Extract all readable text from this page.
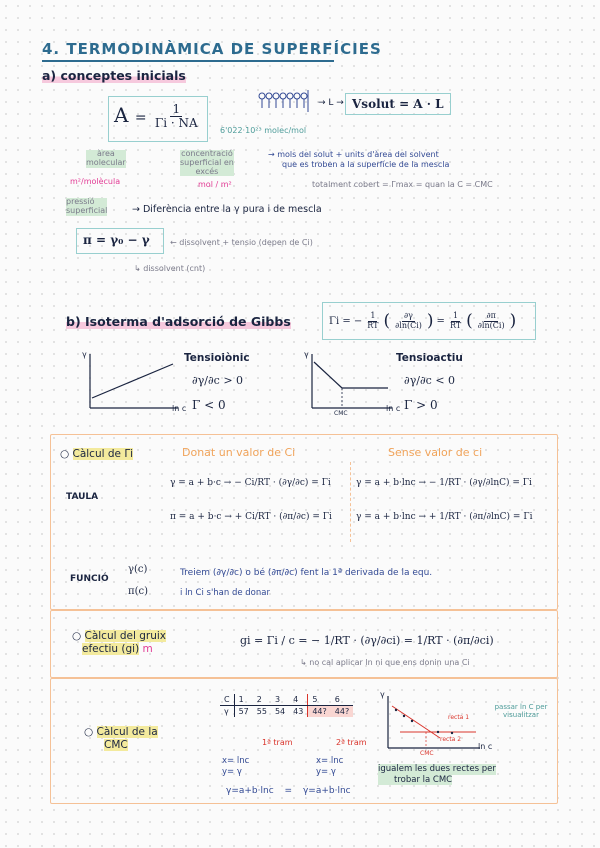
4. TERMODINÀMICA DE SUPERFÍCIES
a) conceptes inicials
$A = \frac{1}{\Gamma i \cdot NA}$
6'022·10²³ molec/mol
→ L → Vsolut = A · L
àrea
molecular
m²/molècula
concentració
superficial en
excés
mol / m²
→ mols del solut + units d'àrea del solvent
que es troben a la superfície de la mescla
totalment cobert = Γmax = quan la C = CMC
pressió
superficial	→ Diferència entre la γ pura i de mescla
π = γ₀ − γ	← dissolvent + tensio (depen de Ci)
↳ dissolvent (cnt)
b) Isoterma d'adsorció de Gibbs	Γi = − $\frac{1}{RT}$ ( $\frac{\partial\gamma}{\partial\ln(Ci)}$ ) = $\frac{1}{RT}$ ( $\frac{\partial\pi}{\partial\ln(Ci)}$ )
γ
ln c
Tensioiònic
∂γ/∂c > 0
Γ < 0
γ
ln c
CMC
Tensioactiu
∂γ/∂c < 0
Γ > 0
○ Càlcul de Γi	Donat un valor de Ci	Sense valor de ci
TAULA
γ = a + b·c → − Ci/RT · (∂γ/∂c) = Γi	γ = a + b·lnc → − 1/RT · (∂γ/∂lnC) = Γi
π = a + b·c → + Ci/RT · (∂π/∂c) = Γi	γ = a + b·lnc → + 1/RT · (∂π/∂lnC) = Γi
FUNCIÓ
γ(c)
π(c)
Treiem (∂γ/∂c) o bé (∂π/∂c) fent la 1ª derivada de la equ.
i ln Ci s'han de donar
○ Càlcul del gruix
efectiu (gi) m
gi = Γi / c = − 1/RT · (∂γ/∂ci) = 1/RT · (∂π/∂ci)
↳ no cal aplicar ln ni que ens donin una Ci
○ Càlcul de la
CMC
C	1	2	3	4	5	6
γ	57	55	54	43	44?	44?
1ª tram	2ª tram
x= lnc
y= γ
x= lnc
y= γ
γ=a+b·lnc = γ=a+b·lnc
γ
ln c
CMC
recta 1
recta 2
passar ln C per visualitzar
igualem les dues rectes per
trobar la CMC
